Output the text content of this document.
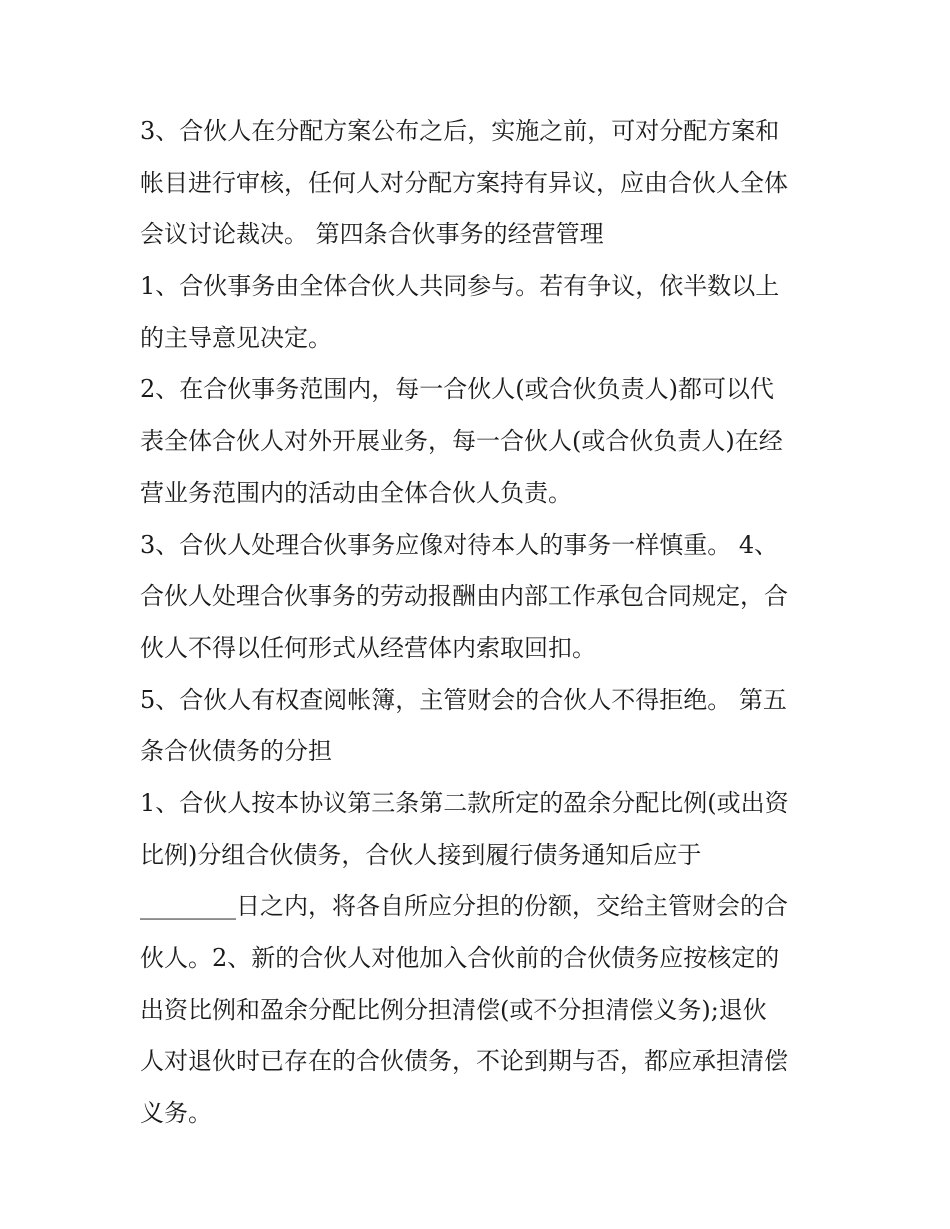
3、合伙人在分配方案公布之后，实施之前，可对分配方案和
帐目进行审核，任何人对分配方案持有异议，应由合伙人全体
会议讨论裁决。 第四条合伙事务的经营管理
1、合伙事务由全体合伙人共同参与。若有争议，依半数以上
的主导意见决定。
2、在合伙事务范围内，每一合伙人(或合伙负责人)都可以代
表全体合伙人对外开展业务，每一合伙人(或合伙负责人)在经
营业务范围内的活动由全体合伙人负责。
3、合伙人处理合伙事务应像对待本人的事务一样慎重。 4、
合伙人处理合伙事务的劳动报酬由内部工作承包合同规定，合
伙人不得以任何形式从经营体内索取回扣。
5、合伙人有权查阅帐簿，主管财会的合伙人不得拒绝。 第五
条合伙债务的分担
1、合伙人按本协议第三条第二款所定的盈余分配比例(或出资
比例)分组合伙债务，合伙人接到履行债务通知后应于
________日之内，将各自所应分担的份额，交给主管财会的合
伙人。2、新的合伙人对他加入合伙前的合伙债务应按核定的
出资比例和盈余分配比例分担清偿(或不分担清偿义务);退伙
人对退伙时已存在的合伙债务，不论到期与否，都应承担清偿
义务。
